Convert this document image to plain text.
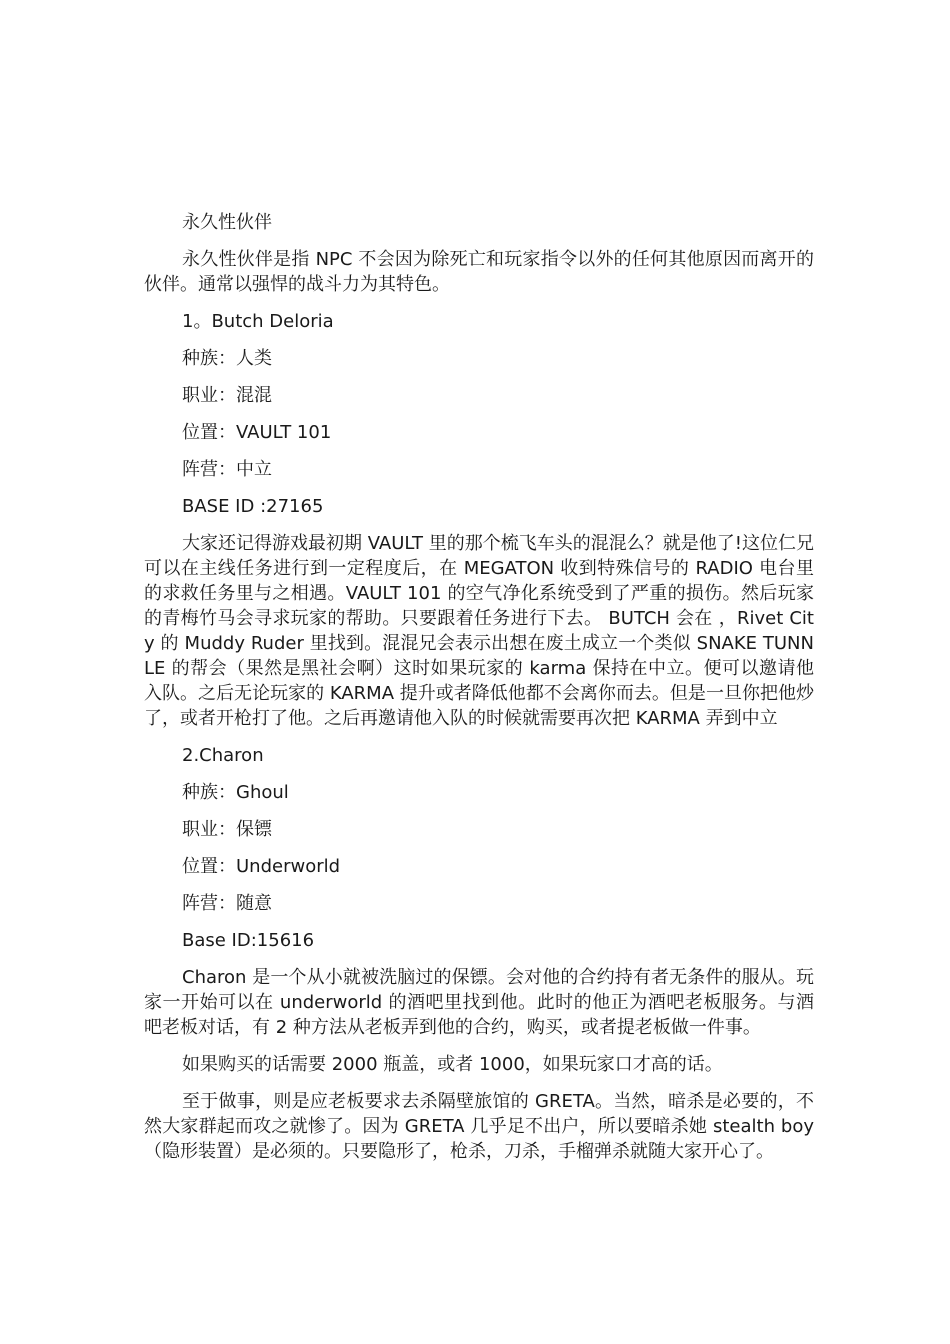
永久性伙伴

永久性伙伴是指 NPC 不会因为除死亡和玩家指令以外的任何其他原因而离开的伙伴。通常以强悍的战斗力为其特色。

1。Butch Deloria

种族：人类

职业：混混

位置：VAULT 101

阵营：中立

BASE ID :27165

大家还记得游戏最初期 VAULT 里的那个梳飞车头的混混么？就是他了!这位仁兄可以在主线任务进行到一定程度后，在 MEGATON 收到特殊信号的 RADIO 电台里的求救任务里与之相遇。VAULT 101 的空气净化系统受到了严重的损伤。然后玩家的青梅竹马会寻求玩家的帮助。只要跟着任务进行下去。 BUTCH 会在 ，Rivet City 的 Muddy Ruder 里找到。混混兄会表示出想在废土成立一个类似 SNAKE TUNNLE 的帮会（果然是黑社会啊）这时如果玩家的 karma 保持在中立。便可以邀请他入队。之后无论玩家的 KARMA 提升或者降低他都不会离你而去。但是一旦你把他炒了，或者开枪打了他。之后再邀请他入队的时候就需要再次把 KARMA 弄到中立

2.Charon

种族：Ghoul

职业：保镖

位置：Underworld

阵营：随意

Base ID:15616

Charon 是一个从小就被洗脑过的保镖。会对他的合约持有者无条件的服从。玩家一开始可以在 underworld 的酒吧里找到他。此时的他正为酒吧老板服务。与酒吧老板对话，有 2 种方法从老板弄到他的合约，购买，或者提老板做一件事。

如果购买的话需要 2000 瓶盖，或者 1000，如果玩家口才高的话。

至于做事，则是应老板要求去杀隔壁旅馆的 GRETA。当然，暗杀是必要的，不然大家群起而攻之就惨了。因为 GRETA 几乎足不出户，所以要暗杀她 stealth boy（隐形装置）是必须的。只要隐形了，枪杀，刀杀，手榴弹杀就随大家开心了。
